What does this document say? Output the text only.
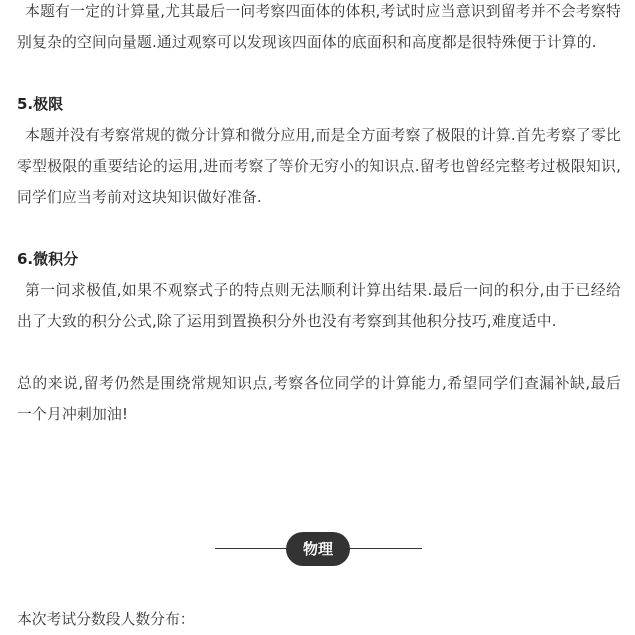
本题有一定的计算量,尤其最后一问考察四面体的体积,考试时应当意识到留考并不会考察特别复杂的空间向量题.通过观察可以发现该四面体的底面积和高度都是很特殊便于计算的.

5.极限

本题并没有考察常规的微分计算和微分应用,而是全方面考察了极限的计算.首先考察了零比零型极限的重要结论的运用,进而考察了等价无穷小的知识点.留考也曾经完整考过极限知识,同学们应当考前对这块知识做好准备.

6.微积分

第一问求极值,如果不观察式子的特点则无法顺利计算出结果.最后一问的积分,由于已经给出了大致的积分公式,除了运用到置换积分外也没有考察到其他积分技巧,难度适中.

总的来说,留考仍然是围绕常规知识点,考察各位同学的计算能力,希望同学们查漏补缺,最后一个月冲刺加油!

物理

本次考试分数段人数分布：
